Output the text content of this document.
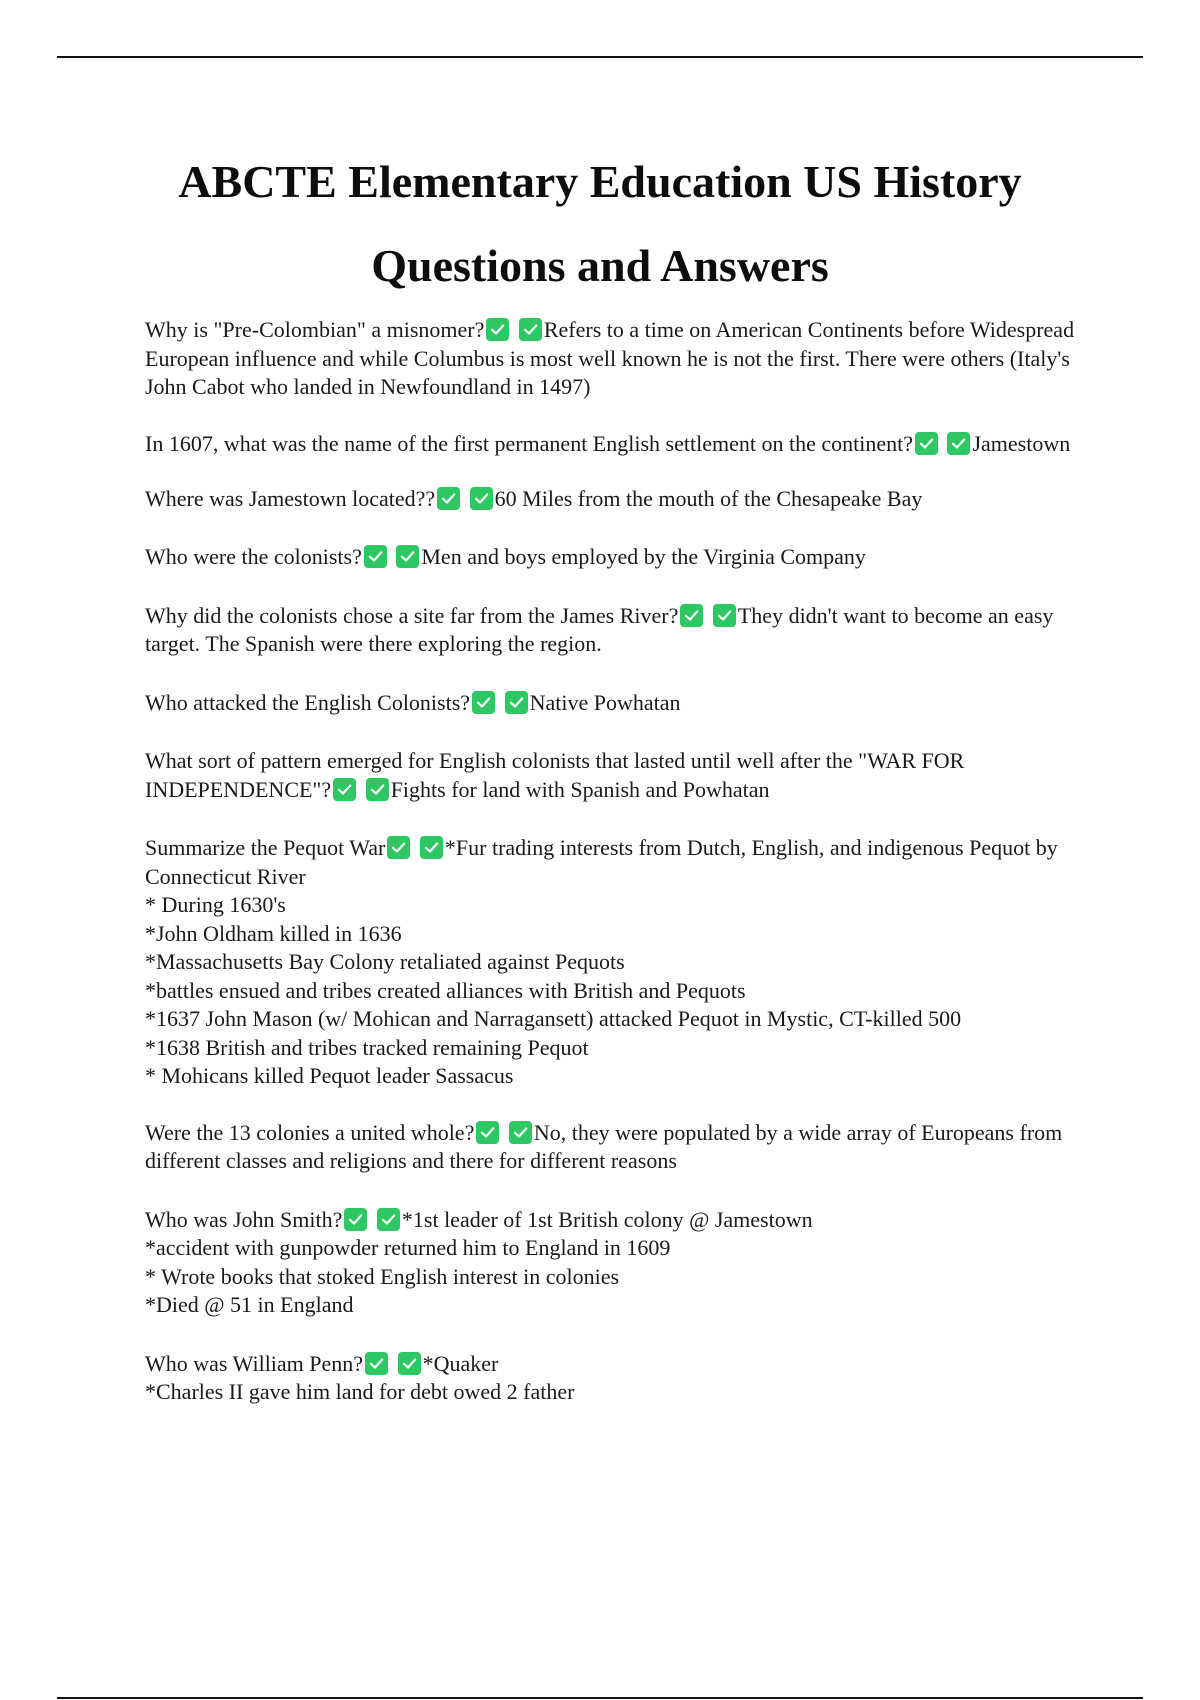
ABCTE Elementary Education US History
Questions and Answers
Why is "Pre-Colombian" a misnomer?
	Refers to a time on American Continents before Widespread European influence and while Columbus is most well known he is not the first. There were others (Italy's John Cabot who landed in Newfoundland in 1497)
In 1607, what was the name of the first permanent English settlement on the continent?
	Jamestown
Where was Jamestown located??
	60 Miles from the mouth of the Chesapeake Bay
Who were the colonists?
	Men and boys employed by the Virginia Company
Why did the colonists chose a site far from the James River?
	They didn't want to become an easy target. The Spanish were there exploring the region.
Who attacked the English Colonists?
	Native Powhatan
What sort of pattern emerged for English colonists that lasted until well after the "WAR FOR INDEPENDENCE"?
	Fights for land with Spanish and Powhatan
Summarize the Pequot War
	*Fur trading interests from Dutch, English, and indigenous Pequot by Connecticut River
* During 1630's
*John Oldham killed in 1636
*Massachusetts Bay Colony retaliated against Pequots
*battles ensued and tribes created alliances with British and Pequots
*1637 John Mason (w/ Mohican and Narragansett) attacked Pequot in Mystic, CT-killed 500
*1638 British and tribes tracked remaining Pequot
* Mohicans killed Pequot leader Sassacus
Were the 13 colonies a united whole?
	No, they were populated by a wide array of Europeans from different classes and religions and there for different reasons
Who was John Smith?
	*1st leader of 1st British colony @ Jamestown
*accident with gunpowder returned him to England in 1609
* Wrote books that stoked English interest in colonies
*Died @ 51 in England
Who was William Penn?
	*Quaker
*Charles II gave him land for debt owed 2 father
